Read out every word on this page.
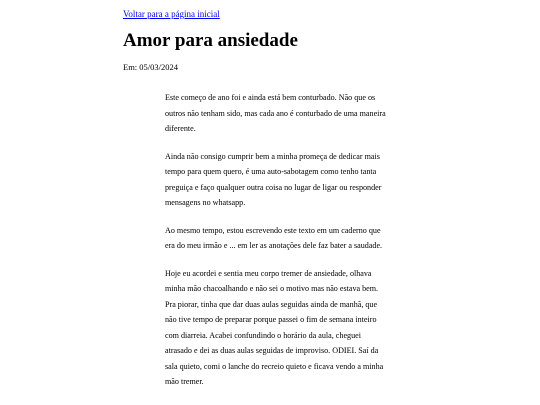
Voltar para a página inicial
Amor para ansiedade
Em: 05/03/2024

Este começo de ano foi e ainda está bem conturbado. Não que os outros não tenham sido, mas cada ano é conturbado de uma maneira diferente.

Ainda não consigo cumprir bem a minha promeça de dedicar mais tempo para quem quero, é uma auto-sabotagem como tenho tanta preguiça e faço qualquer outra coisa no lugar de ligar ou responder mensagens no whatsapp.

Ao mesmo tempo, estou escrevendo este texto em um caderno que era do meu irmão e ... em ler as anotações dele faz bater a saudade.

Hoje eu acordei e sentia meu corpo tremer de ansiedade, olhava minha mão chacoalhando e não sei o motivo mas não estava bem. Pra piorar, tinha que dar duas aulas seguidas ainda de manhã, que não tive tempo de preparar porque passei o fim de semana inteiro com diarreia. Acabei confundindo o horário da aula, cheguei atrasado e dei as duas aulas seguidas de improviso. ODIEI. Saí da sala quieto, comi o lanche do recreio quieto e ficava vendo a minha mão tremer.
